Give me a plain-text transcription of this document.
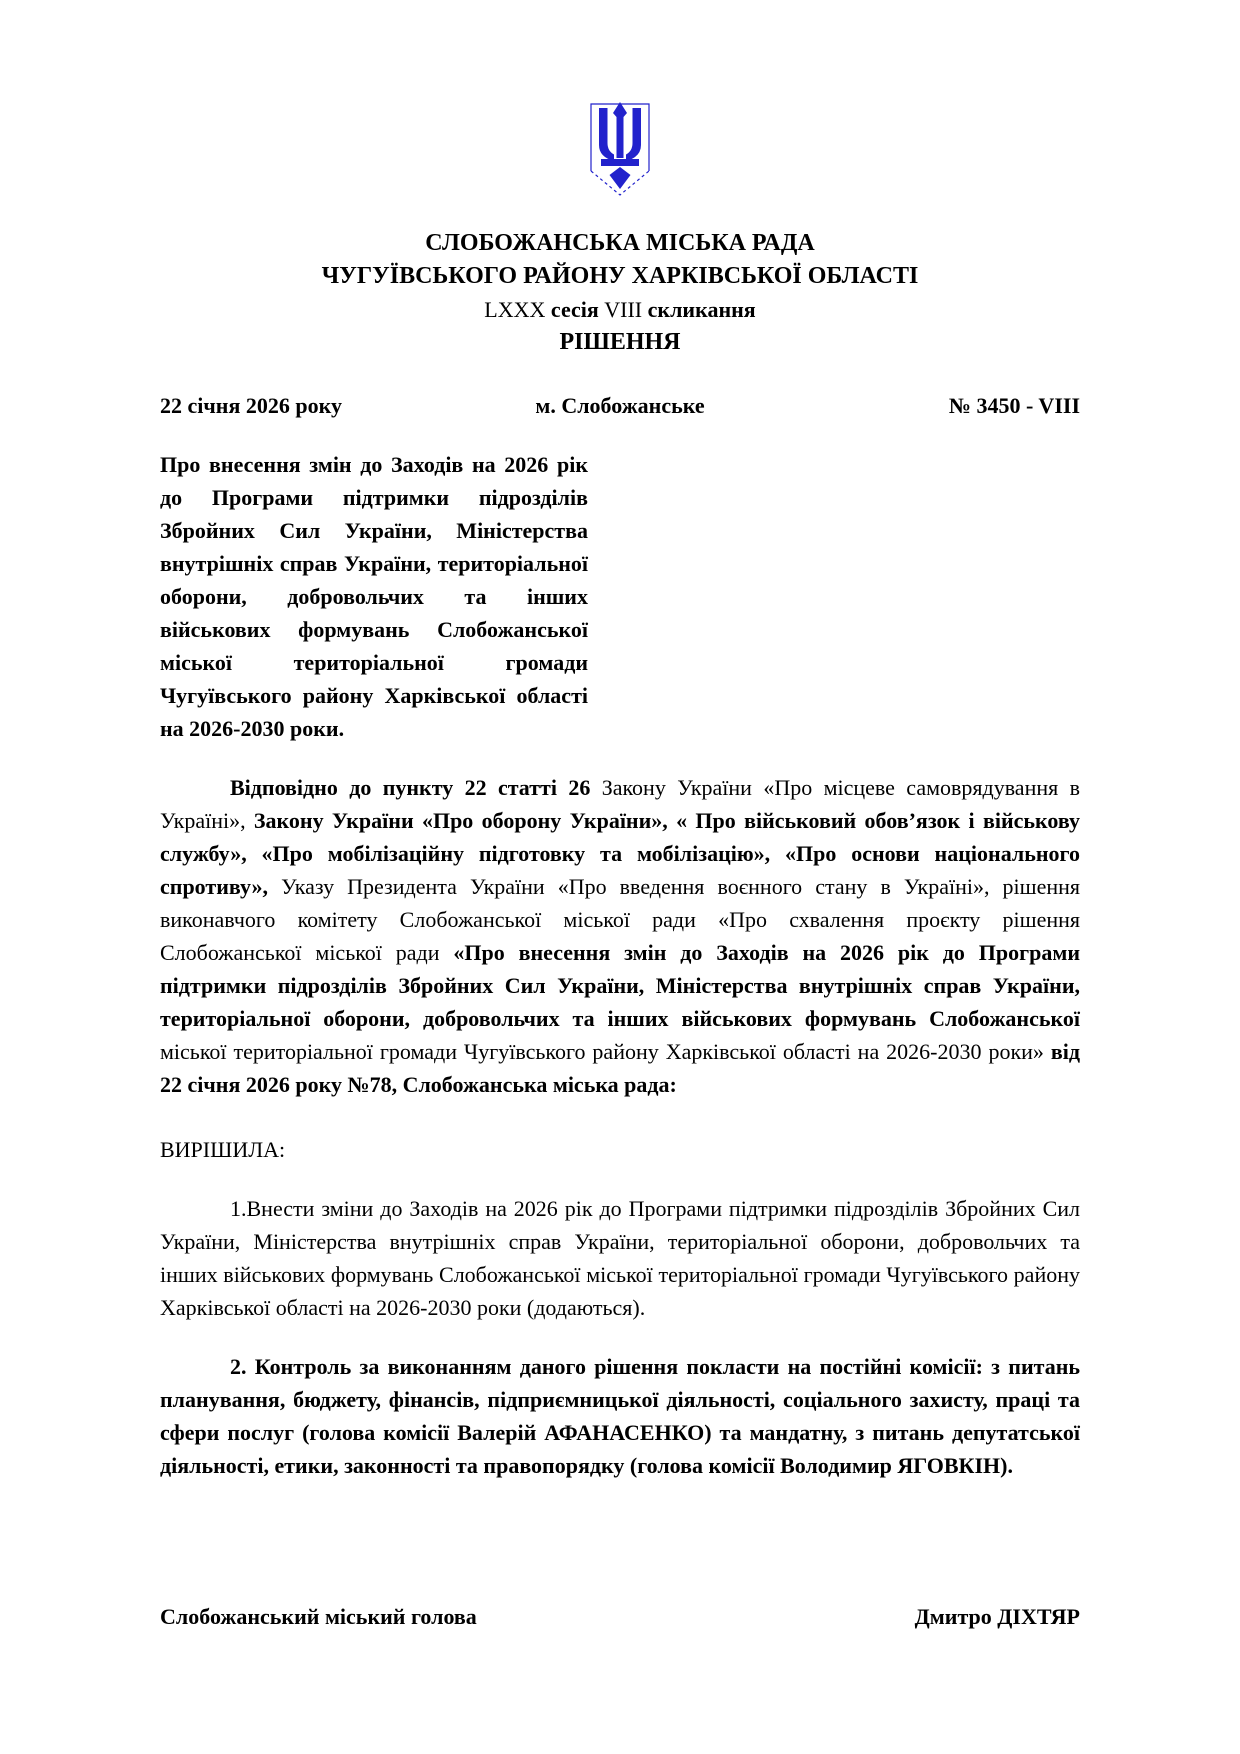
СЛОБОЖАНСЬКА МІСЬКА РАДА
ЧУГУЇВСЬКОГО РАЙОНУ ХАРКІВСЬКОЇ ОБЛАСТІ
LXXX сесія VIII скликання
РІШЕННЯ
22 січня 2026 року	м. Слобожанське	№ 3450 - VIII
Про внесення змін до Заходів на 2026 рік до Програми підтримки підрозділів Збройних Сил України, Міністерства внутрішніх справ України, територіальної оборони, добровольчих та інших військових формувань Слобожанської міської територіальної громади Чугуївського району Харківської області на 2026-2030 роки.

Відповідно до пункту 22 статті 26 Закону України «Про місцеве самоврядування в Україні», Закону України «Про оборону України», « Про військовий обов’язок і військову службу», «Про мобілізаційну підготовку та мобілізацію», «Про основи національного спротиву», Указу Президента України «Про введення воєнного стану в Україні», рішення виконавчого комітету Слобожанської міської ради «Про схвалення проєкту рішення Слобожанської міської ради «Про внесення змін до Заходів на 2026 рік до Програми підтримки підрозділів Збройних Сил України, Міністерства внутрішніх справ України, територіальної оборони, добровольчих та інших військових формувань Слобожанської міської територіальної громади Чугуївського району Харківської області на 2026-2030 роки» від 22 січня 2026 року №78, Слобожанська міська рада:

ВИРІШИЛА:

1.Внести зміни до Заходів на 2026 рік до Програми підтримки підрозділів Збройних Сил України, Міністерства внутрішніх справ України, територіальної оборони, добровольчих та інших військових формувань Слобожанської міської територіальної громади Чугуївського району Харківської області на 2026-2030 роки (додаються).

2. Контроль за виконанням даного рішення покласти на постійні комісії: з питань планування, бюджету, фінансів, підприємницької діяльності, соціального захисту, праці та сфери послуг (голова комісії Валерій АФАНАСЕНКО) та мандатну, з питань депутатської діяльності, етики, законності та правопорядку (голова комісії Володимир ЯГОВКІН).

Слобожанський міський голова	Дмитро ДІХТЯР
